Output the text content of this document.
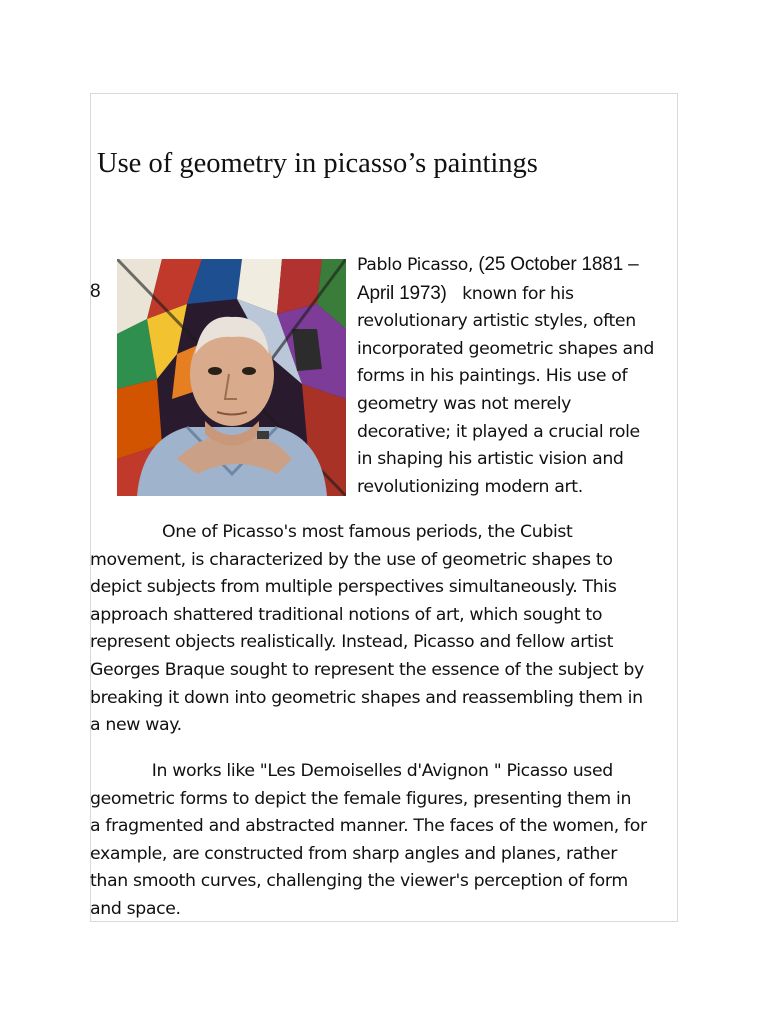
Use of geometry in picasso’s paintings
8
Pablo Picasso, (25 October 1881 –
April 1973)   known for his
revolutionary artistic styles, often
incorporated geometric shapes and
forms in his paintings. His use of
geometry was not merely
decorative; it played a crucial role
in shaping his artistic vision and
revolutionizing modern art.
One of Picasso's most famous periods, the Cubist
movement, is characterized by the use of geometric shapes to
depict subjects from multiple perspectives simultaneously. This
approach shattered traditional notions of art, which sought to
represent objects realistically. Instead, Picasso and fellow artist
Georges Braque sought to represent the essence of the subject by
breaking it down into geometric shapes and reassembling them in
a new way.
In works like "Les Demoiselles d'Avignon " Picasso used
geometric forms to depict the female figures, presenting them in
a fragmented and abstracted manner. The faces of the women, for
example, are constructed from sharp angles and planes, rather
than smooth curves, challenging the viewer's perception of form
and space.
